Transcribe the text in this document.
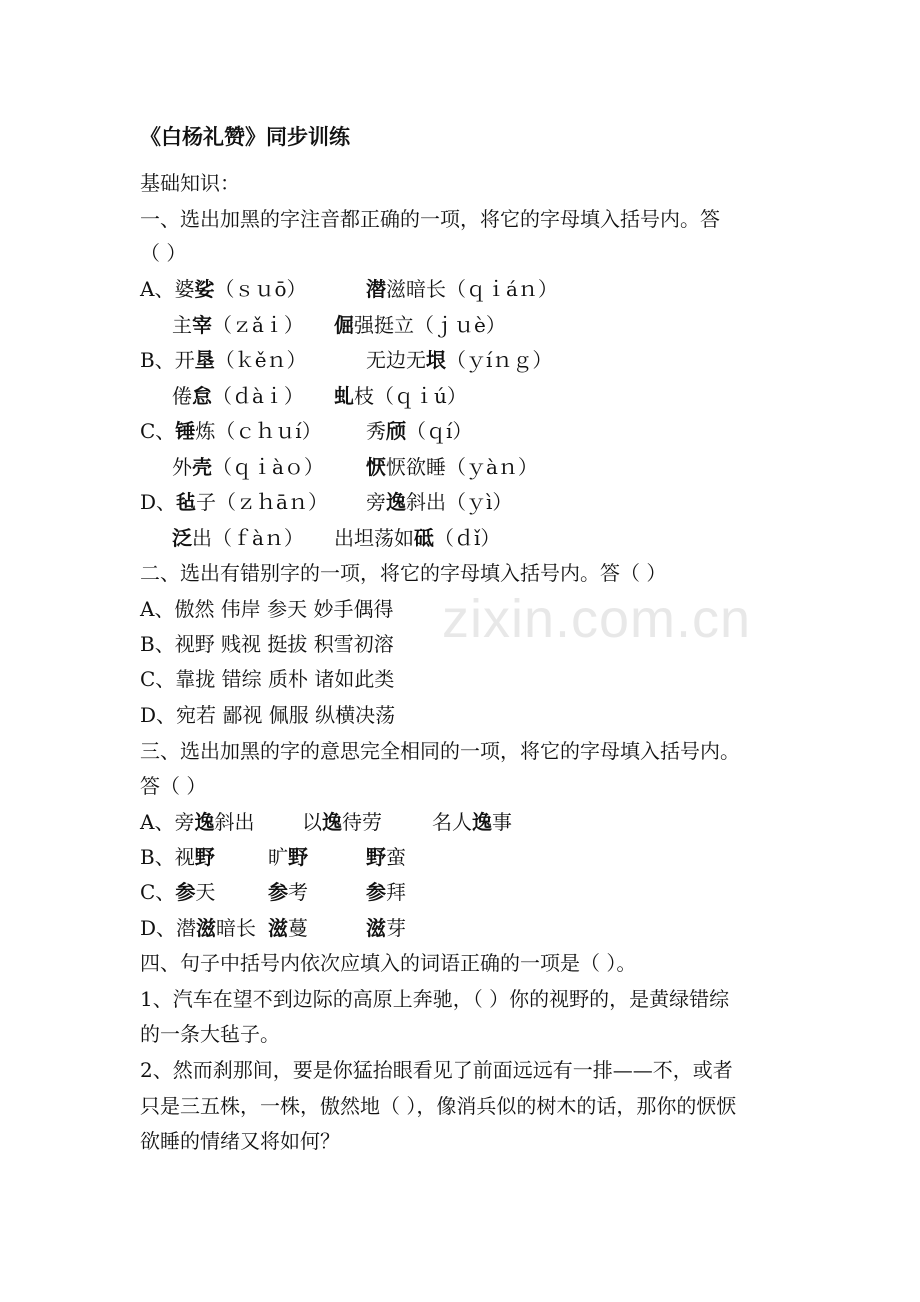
zixin.com.cn
《白杨礼赞》同步训练
基础知识：
一、选出加黑的字注音都正确的一项，将它的字母填入括号内。答
（ ）
A、婆娑（ｓｕō）	潜滋暗长（ｑｉáｎ）
主宰（ｚǎｉ） 倔强挺立（ｊｕè）
B、开垦（ｋěｎ）	无边无垠（ｙíｎｇ）
倦怠（ｄàｉ） 虬枝（ｑｉú）
C、锤炼（ｃｈｕí） 秀颀（ｑí）
外壳（ｑｉàｏ） 恹恹欲睡（ｙàｎ）
D、毡子（ｚｈāｎ） 旁逸斜出（ｙì）
泛出（ｆàｎ） 出坦荡如砥（ｄǐ）
二、选出有错别字的一项，将它的字母填入括号内。答（ ）
A、傲然 伟岸 参天 妙手偶得
B、视野 贱视 挺拔 积雪初溶
C、靠拢 错综 质朴 诸如此类
D、宛若 鄙视 佩服 纵横决荡
三、选出加黑的字的意思完全相同的一项，将它的字母填入括号内。
答（ ）
A、旁逸斜出 以逸待劳	名人逸事
B、视野	旷野	野蛮
C、参天	参考	参拜
D、潜滋暗长 滋蔓	滋芽
四、句子中括号内依次应填入的词语正确的一项是（ ）。
1、汽车在望不到边际的高原上奔驰，（ ）你的视野的，是黄绿错综
的一条大毡子。
2、然而刹那间，要是你猛抬眼看见了前面远远有一排——不，或者
只是三五株，一株，傲然地（ ），像消兵似的树木的话，那你的恹恹
欲睡的情绪又将如何？
